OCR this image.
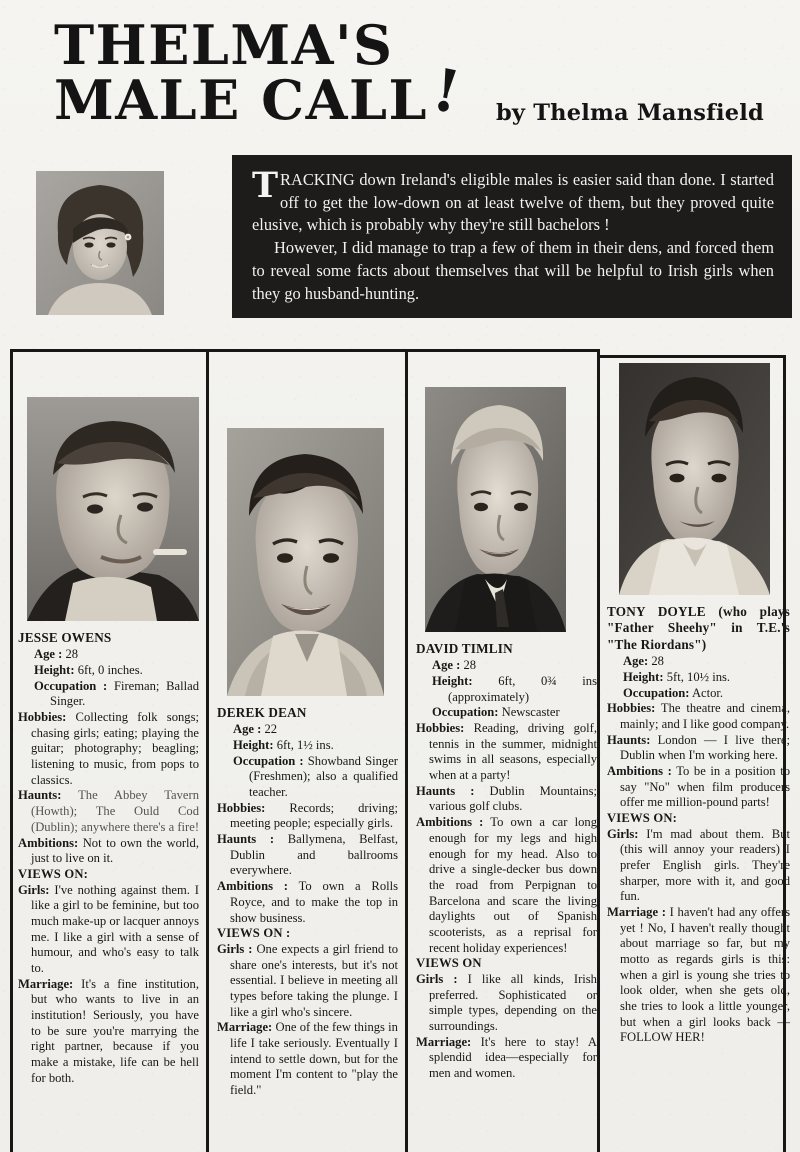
THELMA'S
MALE CALL!	by Thelma Mansfield

TRACKING down Ireland's eligible males is easier said than done. I started off to get the low-down on at least twelve of them, but they proved quite elusive, which is probably why they're still bachelors !

However, I did manage to trap a few of them in their dens, and forced them to reveal some facts about themselves that will be helpful to Irish girls when they go husband-hunting.

JESSE OWENS
Age : 28
Height: 6ft, 0 inches.
Occupation : Fireman; Ballad Singer.
Hobbies: Collecting folk songs; chasing girls; eating; playing the guitar; photography; beagling; listening to music, from pops to classics.
Haunts: The Abbey Tavern (Howth); The Ould Cod (Dublin); anywhere there's a fire!
Ambitions: Not to own the world, just to live on it.
VIEWS ON:
Girls: I've nothing against them. I like a girl to be feminine, but too much make-up or lacquer annoys me. I like a girl with a sense of humour, and who's easy to talk to.
Marriage: It's a fine institution, but who wants to live in an institution! Seriously, you have to be sure you're marrying the right partner, because if you make a mistake, life can be hell for both.
DEREK DEAN
Age : 22
Height: 6ft, 1½ ins.
Occupation : Showband Singer (Freshmen); also a qualified teacher.
Hobbies: Records; driving; meeting people; especially girls.
Haunts : Ballymena, Belfast, Dublin and ballrooms everywhere.
Ambitions : To own a Rolls Royce, and to make the top in show business.
VIEWS ON :
Girls : One expects a girl friend to share one's interests, but it's not essential. I believe in meeting all types before taking the plunge. I like a girl who's sincere.
Marriage: One of the few things in life I take seriously. Eventually I intend to settle down, but for the moment I'm content to "play the field."
DAVID TIMLIN
Age : 28
Height: 6ft, 0¾ ins (approximately)
Occupation: Newscaster
Hobbies: Reading, driving golf, tennis in the summer, midnight swims in all seasons, especially when at a party!
Haunts : Dublin Mountains; various golf clubs.
Ambitions : To own a car long enough for my legs and high enough for my head. Also to drive a single-decker bus down the road from Perpignan to Barcelona and scare the living daylights out of Spanish scooterists, as a reprisal for recent holiday experiences!
VIEWS ON
Girls : I like all kinds, Irish preferred. Sophisticated or simple types, depending on the surroundings.
Marriage: It's here to stay! A splendid idea—especially for men and women.
TONY DOYLE (who plays "Father Sheehy" in T.E.'s "The Riordans")
Age: 28
Height: 5ft, 10½ ins.
Occupation: Actor.
Hobbies: The theatre and cinema, mainly; and I like good company.
Haunts: London — I live there; Dublin when I'm working here.
Ambitions : To be in a position to say "No" when film producers offer me million-pound parts!
VIEWS ON:
Girls: I'm mad about them. But (this will annoy your readers) I prefer English girls. They're sharper, more with it, and good fun.
Marriage : I haven't had any offers yet ! No, I haven't really thought about marriage so far, but my motto as regards girls is this: when a girl is young she tries to look older, when she gets old, she tries to look a little younger, but when a girl looks back — FOLLOW HER!
